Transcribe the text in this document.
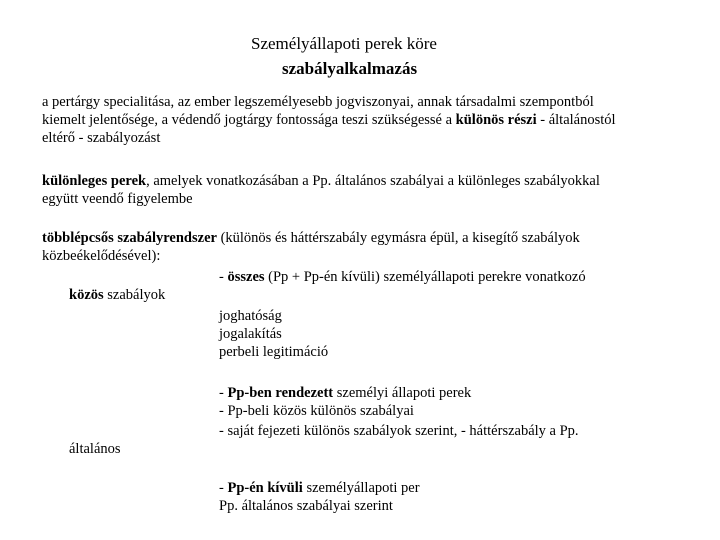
Személyállapoti perek köre
szabályalkalmazás
a pertárgy specialitása, az ember legszemélyesebb jogviszonyai, annak társadalmi szempontból
kiemelt jelentősége, a védendő jogtárgy fontossága teszi szükségessé a különös részi - általánostól
eltérő - szabályozást
különleges perek, amelyek vonatkozásában a Pp. általános szabályai a különleges szabályokkal
együtt veendő figyelembe
többlépcsős szabályrendszer (különös és háttérszabály egymásra épül, a kisegítő szabályok
közbeékelődésével):
- összes (Pp + Pp-én kívüli) személyállapoti perekre vonatkozó
közös szabályok
joghatóság
jogalakítás
perbeli legitimáció
- Pp-ben rendezett személyi állapoti perek
- Pp-beli közös különös szabályai
- saját fejezeti különös szabályok szerint, - háttérszabály a Pp.
általános
- Pp-én kívüli személyállapoti per
Pp. általános szabályai szerint
